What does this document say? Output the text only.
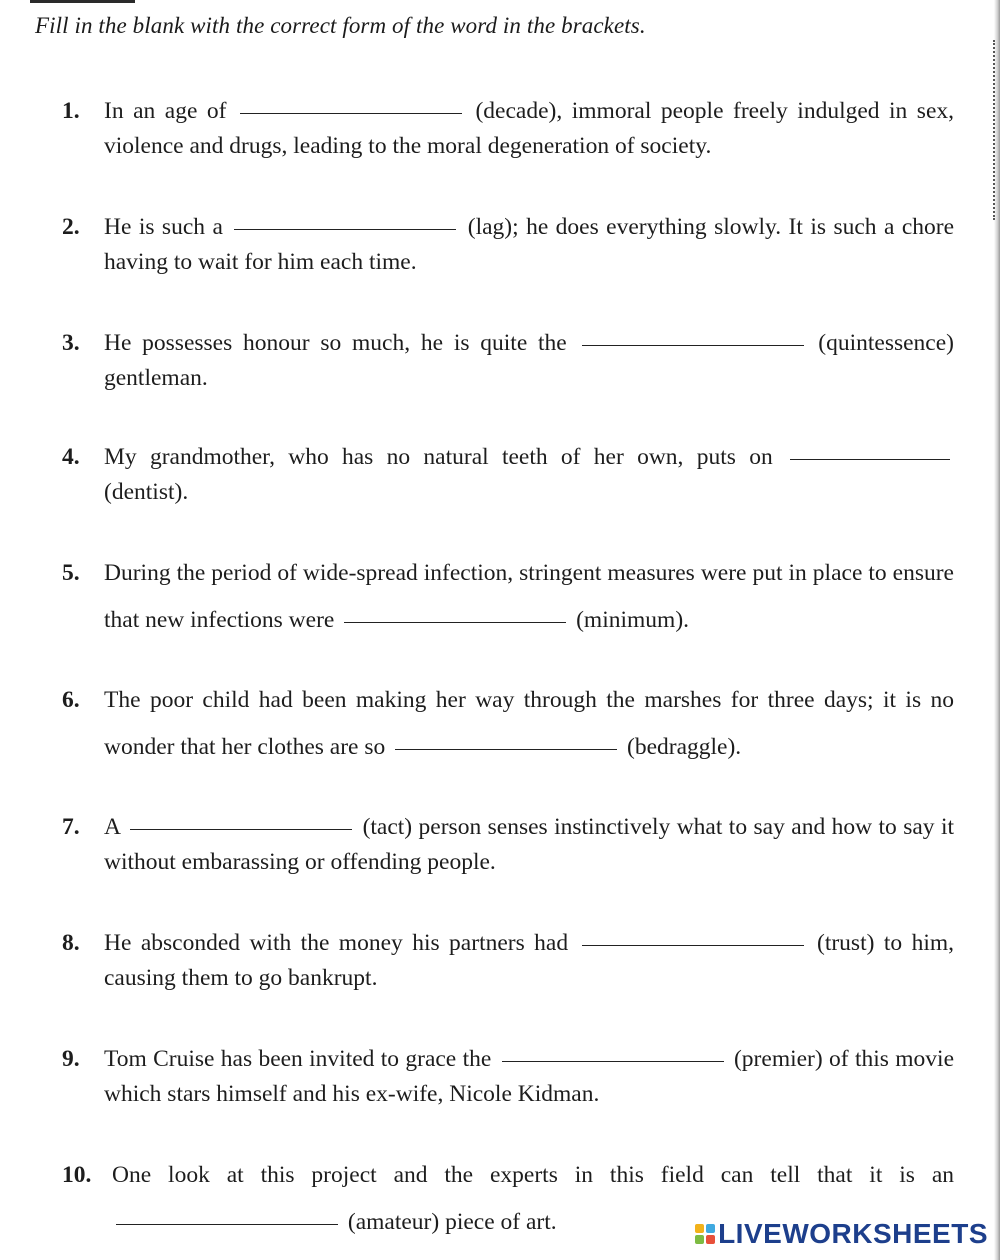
Fill in the blank with the correct form of the word in the brackets.
1. In an age of	(decade), immoral people freely indulged in sex, violence and drugs, leading to the moral degeneration of society.
2. He is such a	(lag); he does everything slowly. It is such a chore having to wait for him each time.
3. He possesses honour so much, he is quite the	(quintessence) gentleman.
4. My grandmother, who has no natural teeth of her own, puts on  (dentist).
5. During the period of wide-spread infection, stringent measures were put in place to ensure that new infections were	(minimum).
6. The poor child had been making her way through the marshes for three days; it is no wonder that her clothes are so	(bedraggle).
7. A	(tact) person senses instinctively what to say and how to say it without embarassing or offending people.
8. He absconded with the money his partners had	(trust) to him, causing them to go bankrupt.
9. Tom Cruise has been invited to grace the	(premier) of this movie which stars himself and his ex-wife, Nicole Kidman.
10. One look at this project and the experts in this field can tell that it is an  (amateur) piece of art.	LIVEWORKSHEETS
